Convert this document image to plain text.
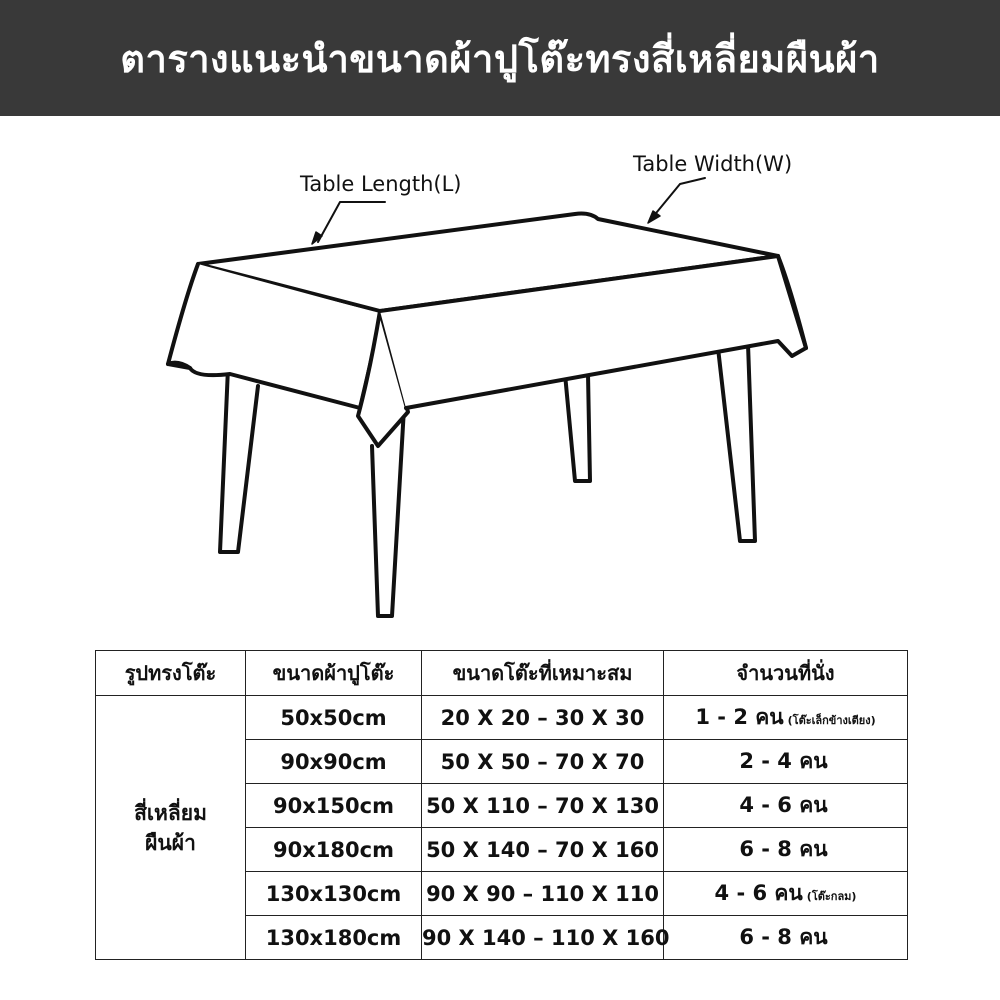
ตารางแนะนำขนาดผ้าปูโต๊ะทรงสี่เหลี่ยมผืนผ้า
Table Length(L)
Table Width(W)
รูปทรงโต๊ะ	ขนาดผ้าปูโต๊ะ	ขนาดโต๊ะที่เหมาะสม	จำนวนที่นั่ง

สี่เหลี่ยม
ผืนผ้า	50x50cm	20 X 20 – 30 X 30	1 - 2 คน (โต๊ะเล็กข้างเตียง)
	90x90cm	50 X 50 – 70 X 70	2 - 4 คน
	90x150cm	50 X 110 – 70 X 130	4 - 6 คน
	90x180cm	50 X 140 – 70 X 160	6 - 8 คน
	130x130cm	90 X 90 – 110 X 110	4 - 6 คน (โต๊ะกลม)
	130x180cm	90 X 140 – 110 X 160	6 - 8 คน
